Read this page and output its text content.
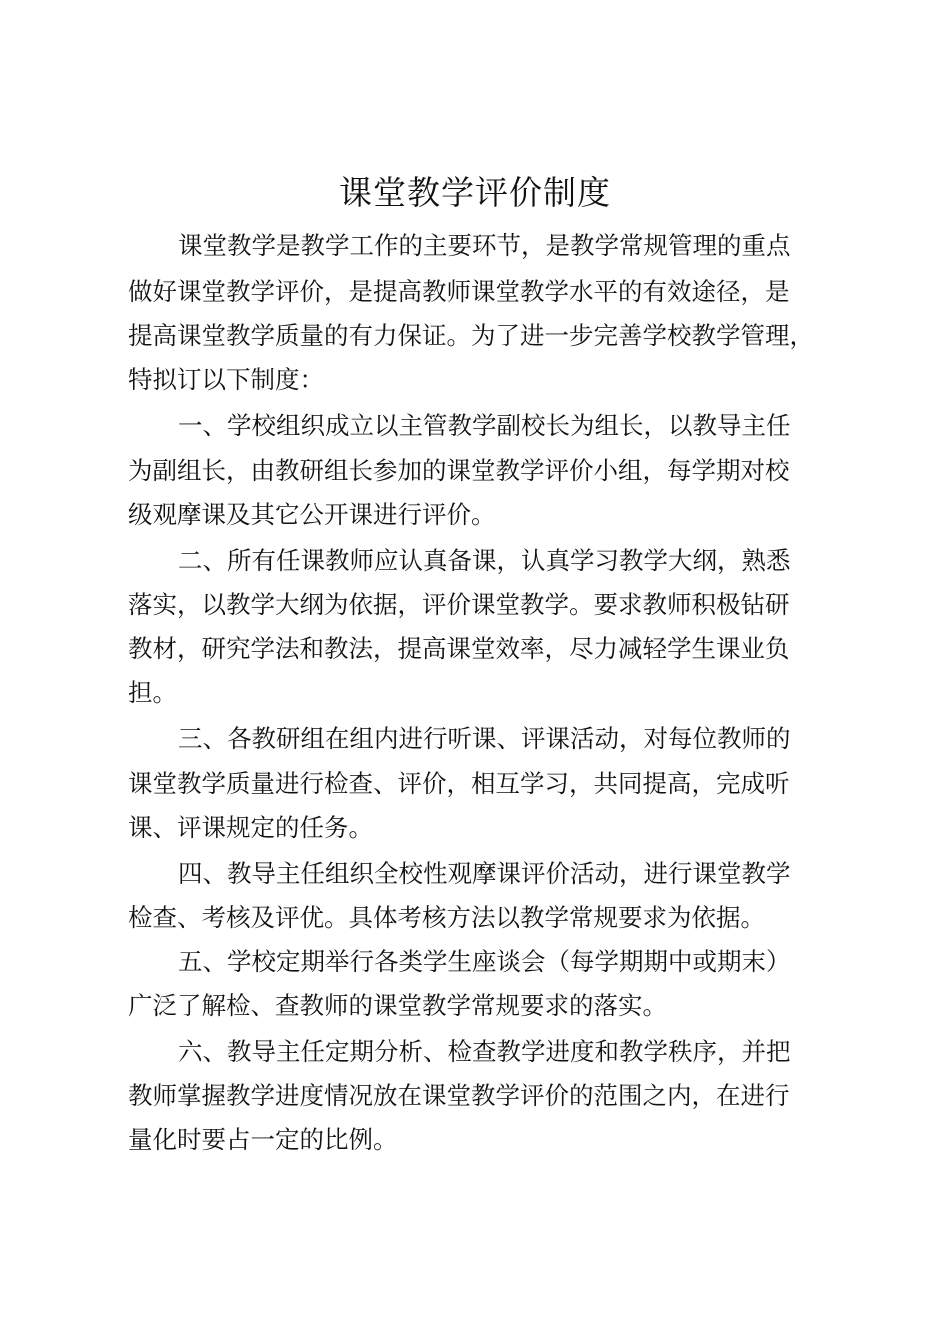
课堂教学评价制度

课堂教学是教学工作的主要环节，是教学常规管理的重点

做好课堂教学评价，是提高教师课堂教学水平的有效途径，是

提高课堂教学质量的有力保证。为了进一步完善学校教学管理，

特拟订以下制度：

一、学校组织成立以主管教学副校长为组长，以教导主任

为副组长，由教研组长参加的课堂教学评价小组，每学期对校

级观摩课及其它公开课进行评价。

二、所有任课教师应认真备课，认真学习教学大纲，熟悉

落实，以教学大纲为依据，评价课堂教学。要求教师积极钻研

教材，研究学法和教法，提高课堂效率，尽力减轻学生课业负

担。

三、各教研组在组内进行听课、评课活动，对每位教师的

课堂教学质量进行检查、评价，相互学习，共同提高，完成听

课、评课规定的任务。

四、教导主任组织全校性观摩课评价活动，进行课堂教学

检查、考核及评优。具体考核方法以教学常规要求为依据。

五、学校定期举行各类学生座谈会（每学期期中或期末）

广泛了解检、查教师的课堂教学常规要求的落实。

六、教导主任定期分析、检查教学进度和教学秩序，并把

教师掌握教学进度情况放在课堂教学评价的范围之内，在进行

量化时要占一定的比例。
